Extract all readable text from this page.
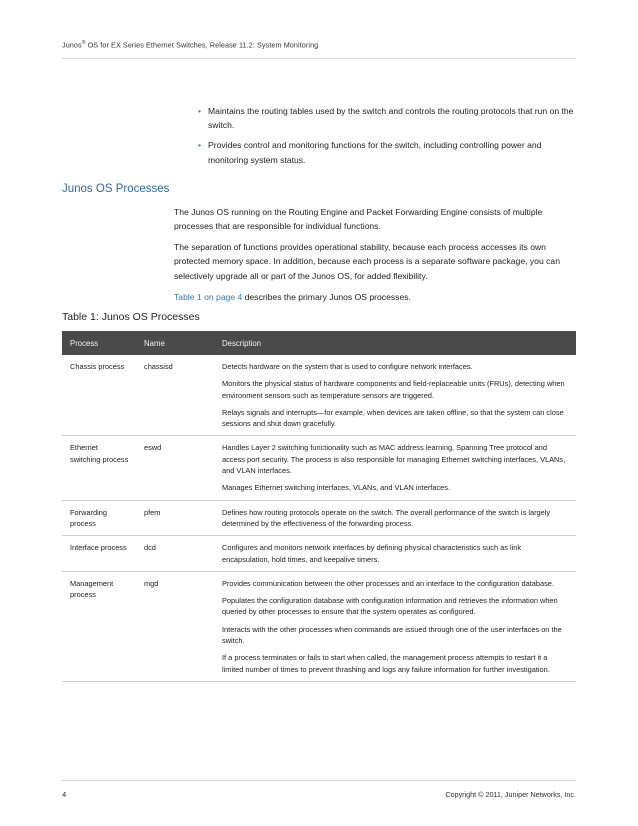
Junos® OS for EX Series Ethernet Switches, Release 11.2: System Monitoring
• Maintains the routing tables used by the switch and controls the routing protocols that run on the switch.
• Provides control and monitoring functions for the switch, including controlling power and monitoring system status.
Junos OS Processes

The Junos OS running on the Routing Engine and Packet Forwarding Engine consists of multiple processes that are responsible for individual functions.

The separation of functions provides operational stability, because each process accesses its own protected memory space. In addition, because each process is a separate software package, you can selectively upgrade all or part of the Junos OS, for added flexibility.

Table 1 on page 4 describes the primary Junos OS processes.

Table 1: Junos OS Processes
Process	Name	Description
Chassis process	chassisd	Detects hardware on the system that is used to configure network interfaces.

Monitors the physical status of hardware components and field-replaceable units (FRUs), detecting when environment sensors such as temperature sensors are triggered.

Relays signals and interrupts—for example, when devices are taken offline, so that the system can close sessions and shut down gracefully.

Ethernet switching process	eswd	Handles Layer 2 switching functionality such as MAC address learning, Spanning Tree protocol and access port security. The process is also responsible for managing Ethernet switching interfaces, VLANs, and VLAN interfaces.

Manages Ethernet switching interfaces, VLANs, and VLAN interfaces.

Forwarding process	pfem	Defines how routing protocols operate on the switch. The overall performance of the switch is largely determined by the effectiveness of the forwarding process.

Interface process	dcd	Configures and monitors network interfaces by defining physical characteristics such as link encapsulation, hold times, and keepalive timers.

Management process	mgd	Provides communication between the other processes and an interface to the configuration database.

Populates the configuration database with configuration information and retrieves the information when queried by other processes to ensure that the system operates as configured.

Interacts with the other processes when commands are issued through one of the user interfaces on the switch.

If a process terminates or fails to start when called, the management process attempts to restart it a limited number of times to prevent thrashing and logs any failure information for further investigation.

4	Copyright © 2011, Juniper Networks, Inc.
